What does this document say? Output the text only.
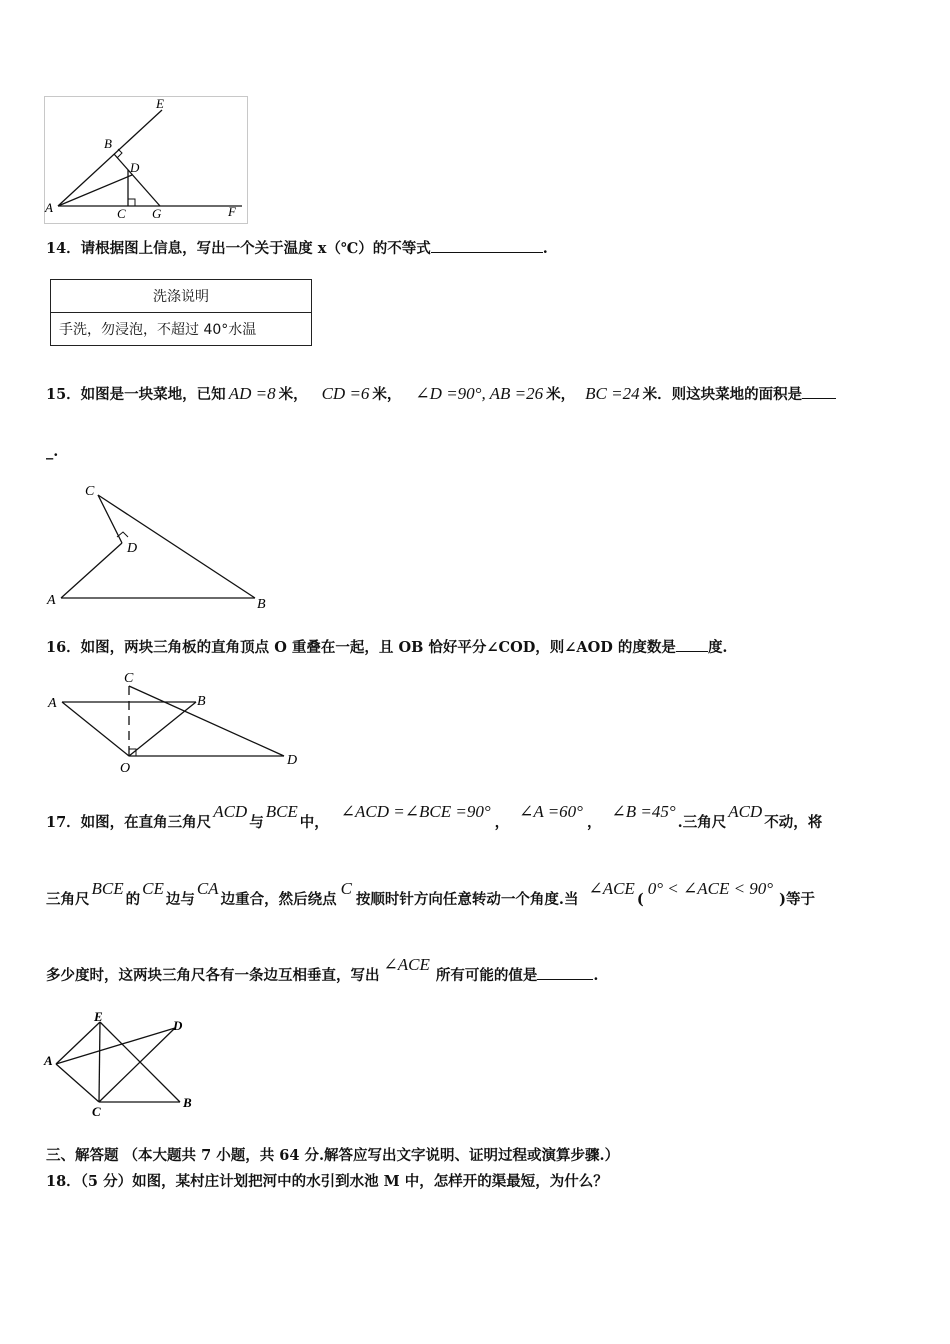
E
B
D
A	C G	F
14．请根据图上信息，写出一个关于温度 x（℃）的不等式	.
洗涤说明
手洗，勿浸泡，不超过 40°水温
15．如图是一块菜地，已知 AD =8 米， CD =6 米， ∠D =90°, AB =26 米， BC =24 米．则这块菜地的面积是
_.
C
D
A	B
16．如图，两块三角板的直角顶点 O 重叠在一起，且 OB 恰好平分∠COD，则∠AOD 的度数是 度.
C
A	B
O
D
17．如图，在直角三角尺ACD与BCE中，∠ACD =∠BCE =90°，∠A =60°，∠B =45°.三角尺ACD不动，将
三角尺BCE的CE边与CA边重合，然后绕点C按顺时针方向任意转动一个角度.当∠ACE(0° < ∠ACE < 90°)等于
多少度时，这两块三角尺各有一条边互相垂直，写出∠ACE所有可能的值是	.
E
D
A
C
B
三、解答题 （本大题共 7 小题，共 64 分.解答应写出文字说明、证明过程或演算步骤.）
18．（5 分）如图，某村庄计划把河中的水引到水池 M 中，怎样开的渠最短，为什么？
